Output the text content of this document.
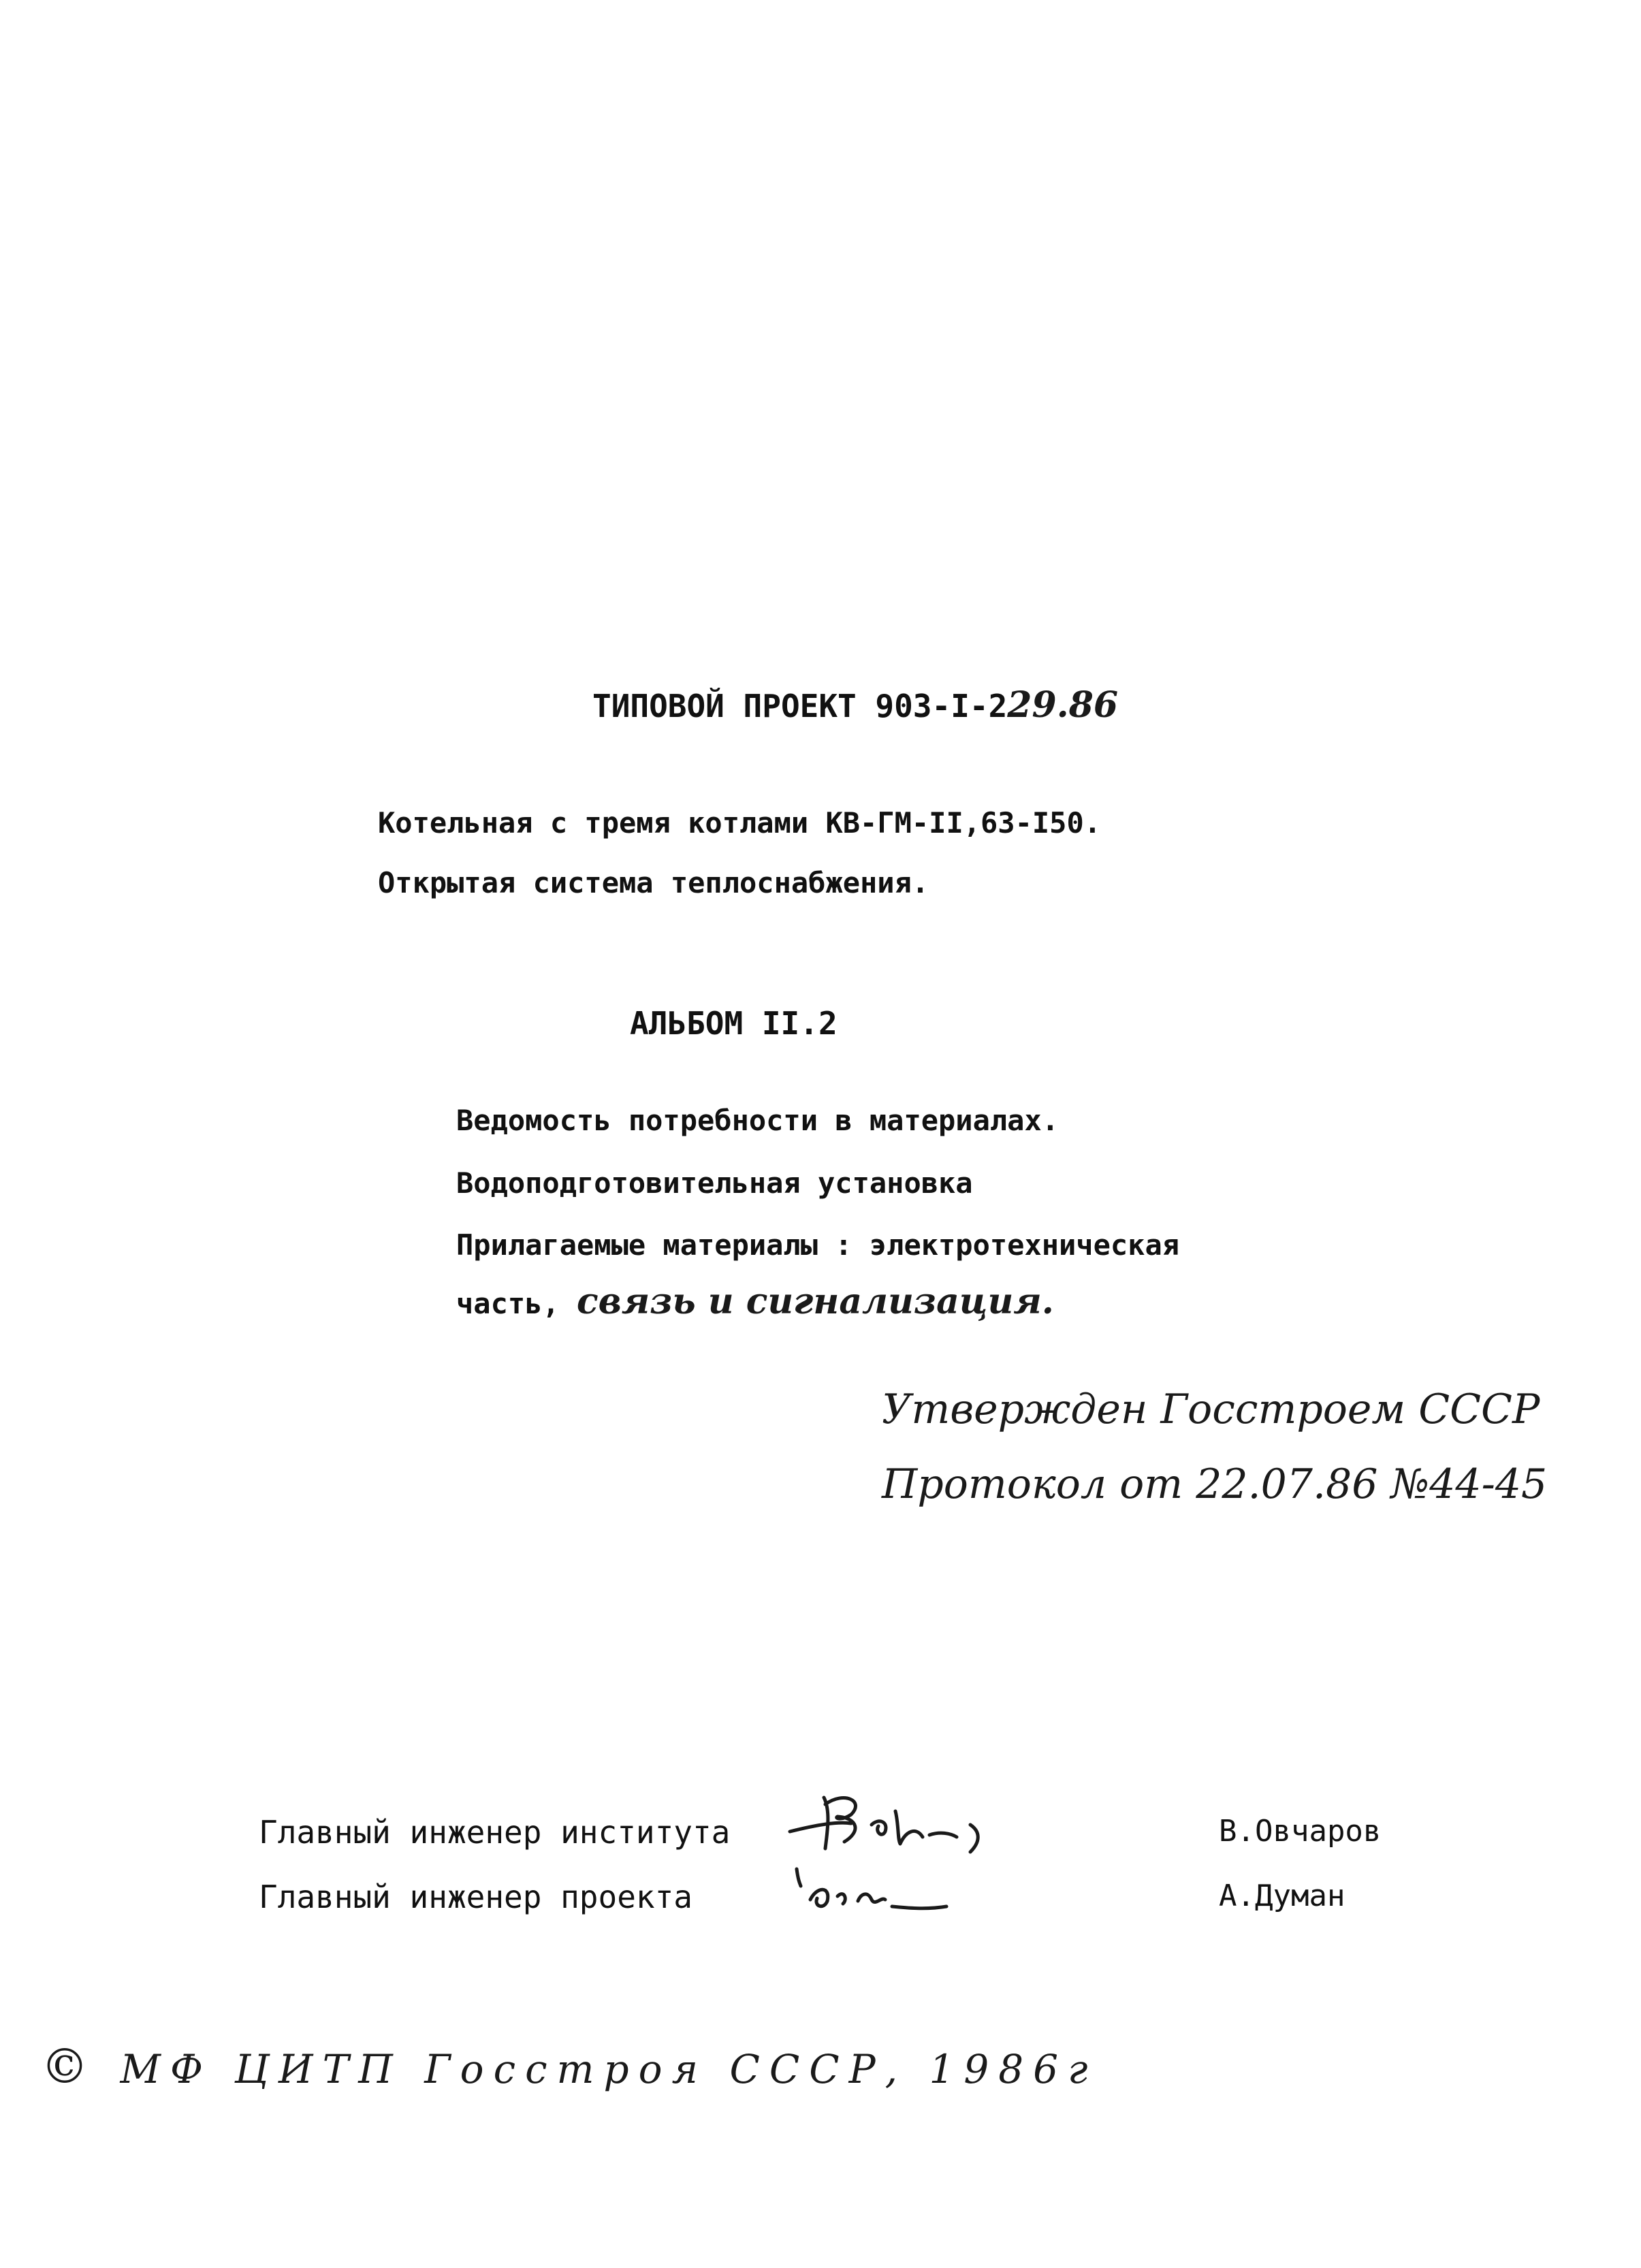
ТИПОВОЙ ПРОЕКТ 903-I-229.86
Котельная с тремя котлами КВ-ГМ-II,63-I50.
Открытая система теплоснабжения.
АЛЬБОМ II.2
Ведомость потребности в материалах.
Водоподготовительная установка
Прилагаемые материалы : электротехническая
часть, связь и сигнализация.
Утвержден Госстроем СССР
Протокол от 22.07.86 №44-45
Главный инженер института
Главный инженер проекта
В.Овчаров
А.Думан
© МФ ЦИТП Госстроя СССР, 1986г
